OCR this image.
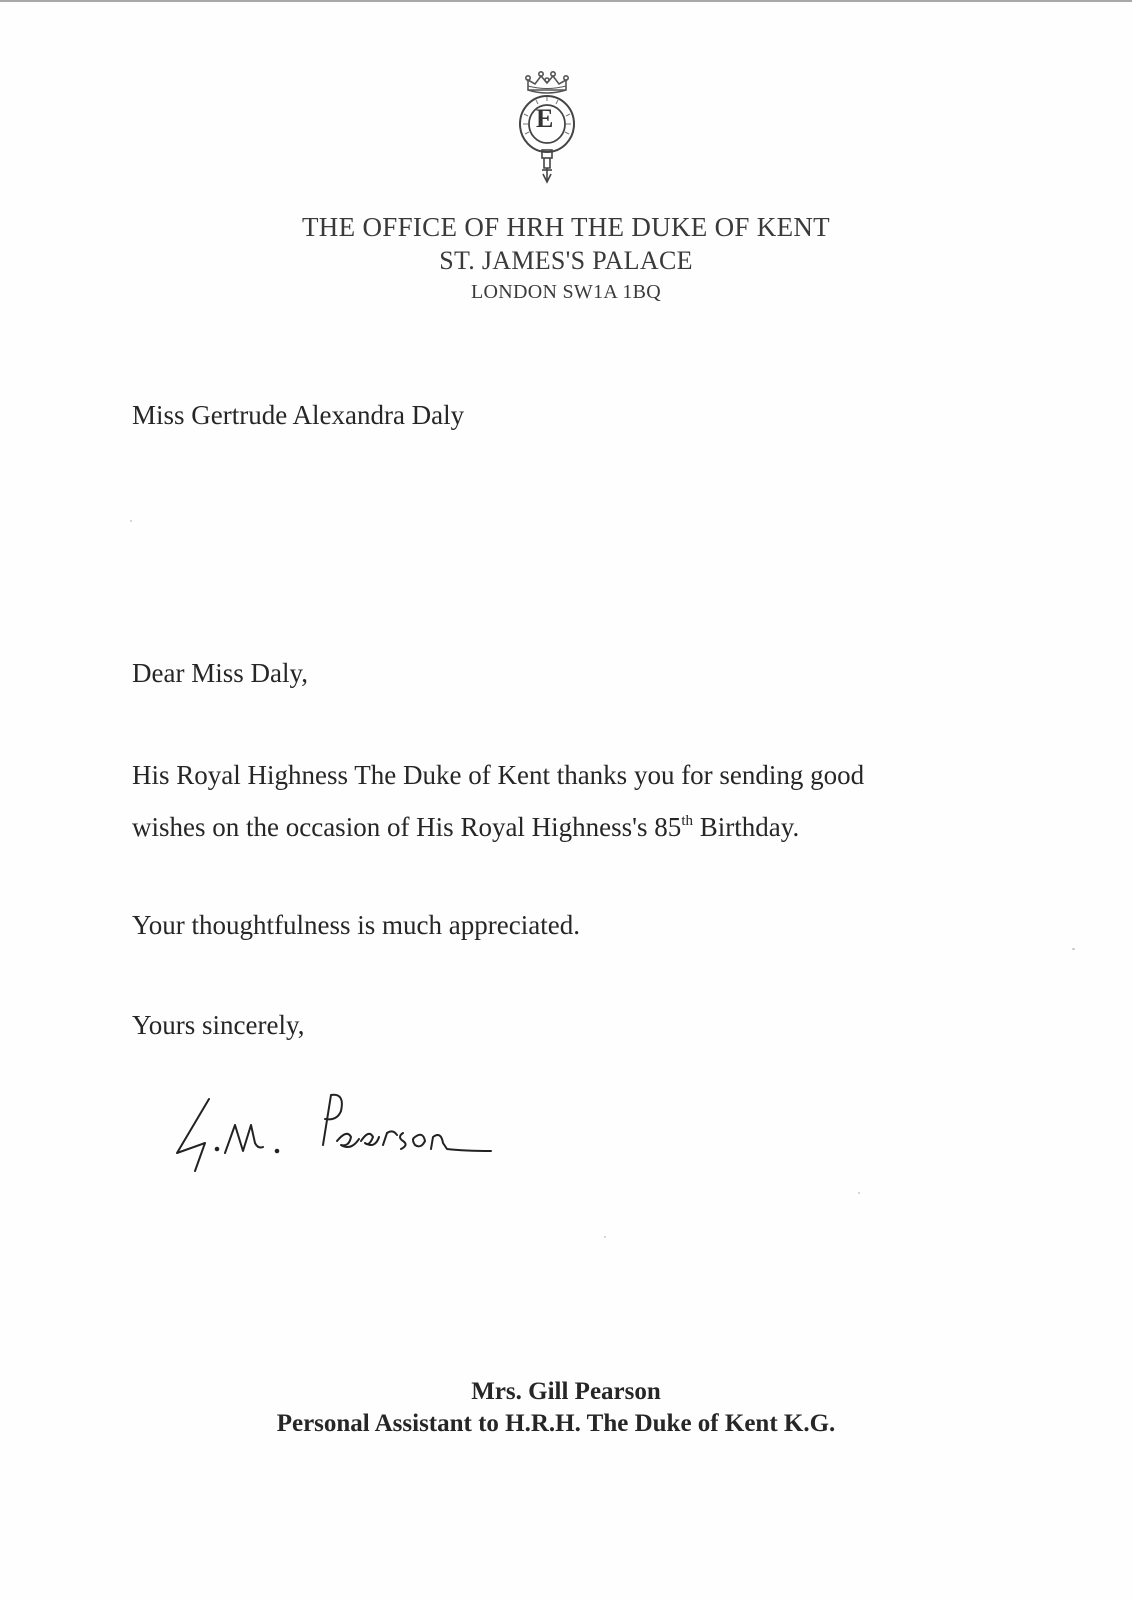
E
THE OFFICE OF HRH THE DUKE OF KENT
ST. JAMES'S PALACE
LONDON SW1A 1BQ
Miss Gertrude Alexandra Daly
Dear Miss Daly,
His Royal Highness The Duke of Kent thanks you for sending good
wishes on the occasion of His Royal Highness's 85th Birthday.
Your thoughtfulness is much appreciated.
Yours sincerely,
Mrs. Gill Pearson
Personal Assistant to H.R.H. The Duke of Kent K.G.
